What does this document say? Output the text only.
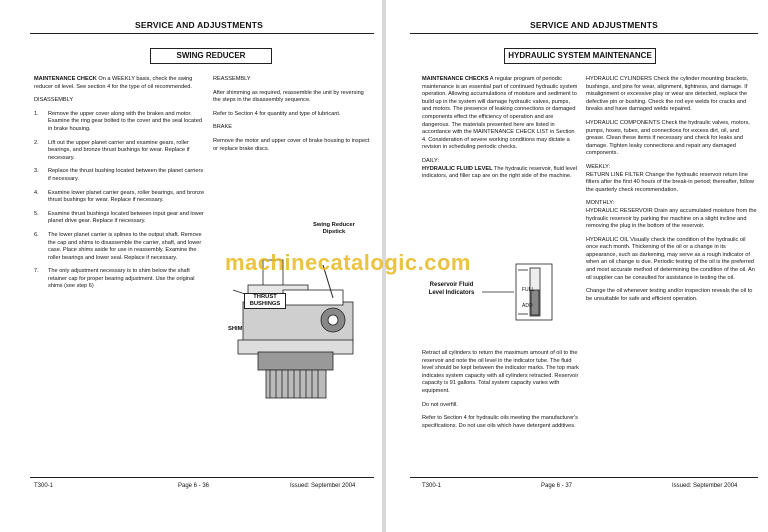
SERVICE AND ADJUSTMENTS
SWING REDUCER

MAINTENANCE CHECK On a WEEKLY basis, check the swing reducer oil level. See section 4 for the type of oil recommended.

DISASSEMBLY

1. Remove the upper cover along with the brakes and motor. Examine the ring gear bolted to the cover and the seal located in brake housing.
2. Lift out the upper planet carrier and examine gears, roller bearings, and bronze thrust bushings for wear. Replace if necessary.
3. Replace the thrust bushing located between the planet carriers if necessary.
4. Examine lower planet carrier gears, roller bearings, and bronze thrust bushings for wear. Replace if necessary.
5. Examine thrust bushings located between input gear and lower planet drive gear. Replace if necessary.
6. The lower planet carrier is splines to the output shaft. Remove the cap and shims to disassemble the carrier, shaft, and lower case. Place shims aside for use in reassembly. Examine the roller bearings and lower seal. Replace if necessary.
7. The only adjustment necessary is to shim below the shaft retainer cap for proper bearing adjustment. Use the original shims (see step 6)

REASSEMBLY

After shimming as required, reassemble the unit by reversing the steps in the disassembly sequence.

Refer to Section 4 for quantity and type of lubricant.

BRAKE

Remove the motor and upper cover of brake housing to inspect or replace brake discs.

Swing Reducer
Dipstick
THRUST BUSHINGS
SHIM
T300-1	Page 6 - 36	Issued: September 2004
SERVICE AND ADJUSTMENTS
HYDRAULIC SYSTEM MAINTENANCE

MAINTENANCE CHECKS A regular program of periodic maintenance is an essential part of continued hydraulic system operation. Allowing accumulations of moisture and sediment to build up in the system will damage hydraulic valves, pumps, and motors. The presence of leaking connections or damaged components effect the efficiency of operation and are dangerous. The materials presented here are listed in accordance with the MAINTENANCE CHECK LIST in Section 4. Consideration of severe working conditions may dictate a revision in scheduling periodic checks.

DAILY:
HYDRAULIC FLUID LEVEL The hydraulic reservoir, fluid level indicators, and filler cap are on the right side of the machine.

Reservoir Fluid Level Indicators	FULL
ADD

Retract all cylinders to return the maximum amount of oil to the reservoir and note the oil level in the indicator tube. The fluid level should be kept between the indicator marks. The top mark indicates system capacity with all cylinders retracted. Reservoir capacity is 91 gallons. Total system capacity varies with equipment.

Do not overfill.

Refer to Section 4 for hydraulic oils meeting the manufacturer's specifications. Do not use oils which have detergent additives.

HYDRAULIC CYLINDERS Check the cylinder mounting brackets, bushings, and pins for wear, alignment, tightness, and damage. If misalignment or excessive play or wear are detected, replace the defective pin or bushing. Check the rod eye welds for cracks and breaks and have damaged welds repaired.

HYDRAULIC COMPONENTS Check the hydraulic valves, motors, pumps, hoses, tubes, and connections for excess dirt, oil, and grease. Clean these items if necessary and check for leaks and damage. Tighten leaky connections and repair any damaged components.

WEEKLY:
RETURN LINE FILTER Change the hydraulic reservoir return line filters after the first 40 hours of the break-in period; thereafter, follow the quarterly check recommendation.

MONTHLY:
HYDRAULIC RESERVOIR Drain any accumulated moisture from the hydraulic reservoir by parking the machine on a slight incline and removing the plug in the bottom of the reservoir.

HYDRAULIC OIL Visually check the condition of the hydraulic oil once each month. Thickening of the oil or a change in its appearance, such as darkening, may serve as a rough indicator of when an oil change is due. Periodic testing of the oil is the preferred and most accurate method of determining the condition of the oil. An oil supplier can be consulted for assistance in testing the oil.

Change the oil whenever testing and/or inspection reveals the oil to be unsuitable for safe and efficient operation.

T300-1	Page 6 - 37	Issued: September 2004
machinecatalogic.com
